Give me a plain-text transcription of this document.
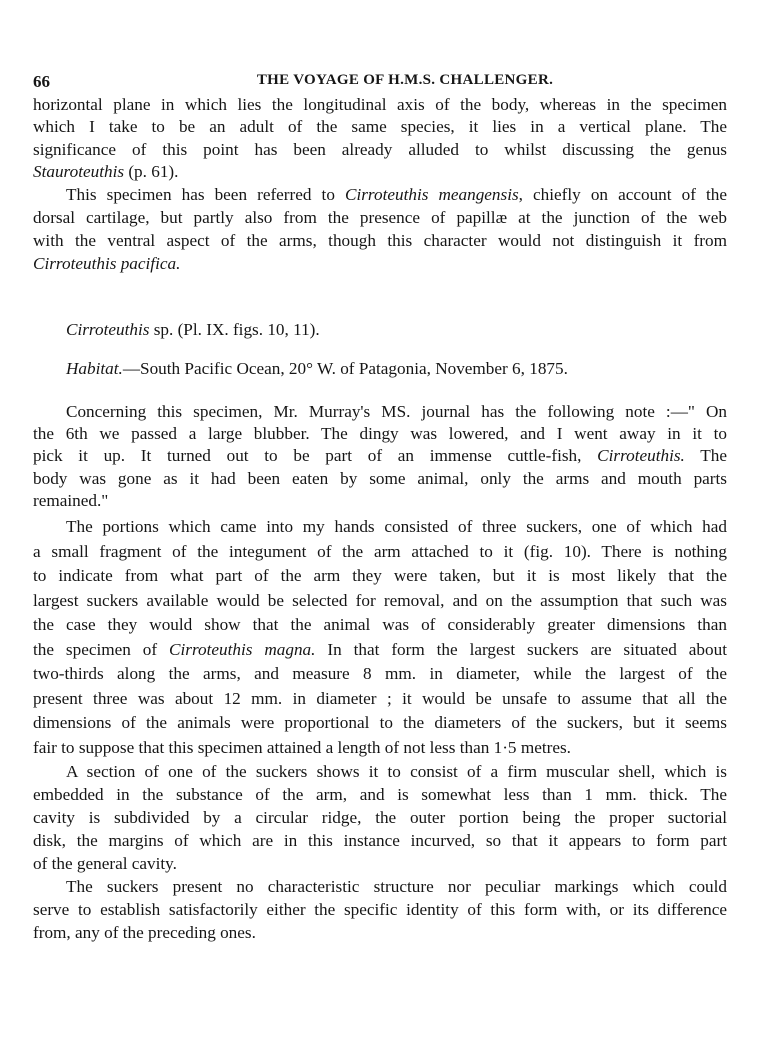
66	THE VOYAGE OF H.M.S. CHALLENGER.
horizontal plane in which lies the longitudinal axis of the body, whereas in the specimen
which I take to be an adult of the same species, it lies in a vertical plane. The
significance of this point has been already alluded to whilst discussing the genus
Stauroteuthis (p. 61).
This specimen has been referred to Cirroteuthis meangensis, chiefly on account of the
dorsal cartilage, but partly also from the presence of papillæ at the junction of the web
with the ventral aspect of the arms, though this character would not distinguish it from
Cirroteuthis pacifica.
Cirroteuthis sp. (Pl. IX. figs. 10, 11).
Habitat.—South Pacific Ocean, 20° W. of Patagonia, November 6, 1875.
Concerning this specimen, Mr. Murray's MS. journal has the following note :—" On
the 6th we passed a large blubber. The dingy was lowered, and I went away in it to
pick it up. It turned out to be part of an immense cuttle-fish, Cirroteuthis. The
body was gone as it had been eaten by some animal, only the arms and mouth parts
remained."
The portions which came into my hands consisted of three suckers, one of which had
a small fragment of the integument of the arm attached to it (fig. 10). There is nothing
to indicate from what part of the arm they were taken, but it is most likely that the
largest suckers available would be selected for removal, and on the assumption that such was
the case they would show that the animal was of considerably greater dimensions than
the specimen of Cirroteuthis magna. In that form the largest suckers are situated about
two-thirds along the arms, and measure 8 mm. in diameter, while the largest of the
present three was about 12 mm. in diameter ; it would be unsafe to assume that all the
dimensions of the animals were proportional to the diameters of the suckers, but it seems
fair to suppose that this specimen attained a length of not less than 1·5 metres.
A section of one of the suckers shows it to consist of a firm muscular shell, which is
embedded in the substance of the arm, and is somewhat less than 1 mm. thick. The
cavity is subdivided by a circular ridge, the outer portion being the proper suctorial
disk, the margins of which are in this instance incurved, so that it appears to form part
of the general cavity.
The suckers present no characteristic structure nor peculiar markings which could
serve to establish satisfactorily either the specific identity of this form with, or its difference
from, any of the preceding ones.
